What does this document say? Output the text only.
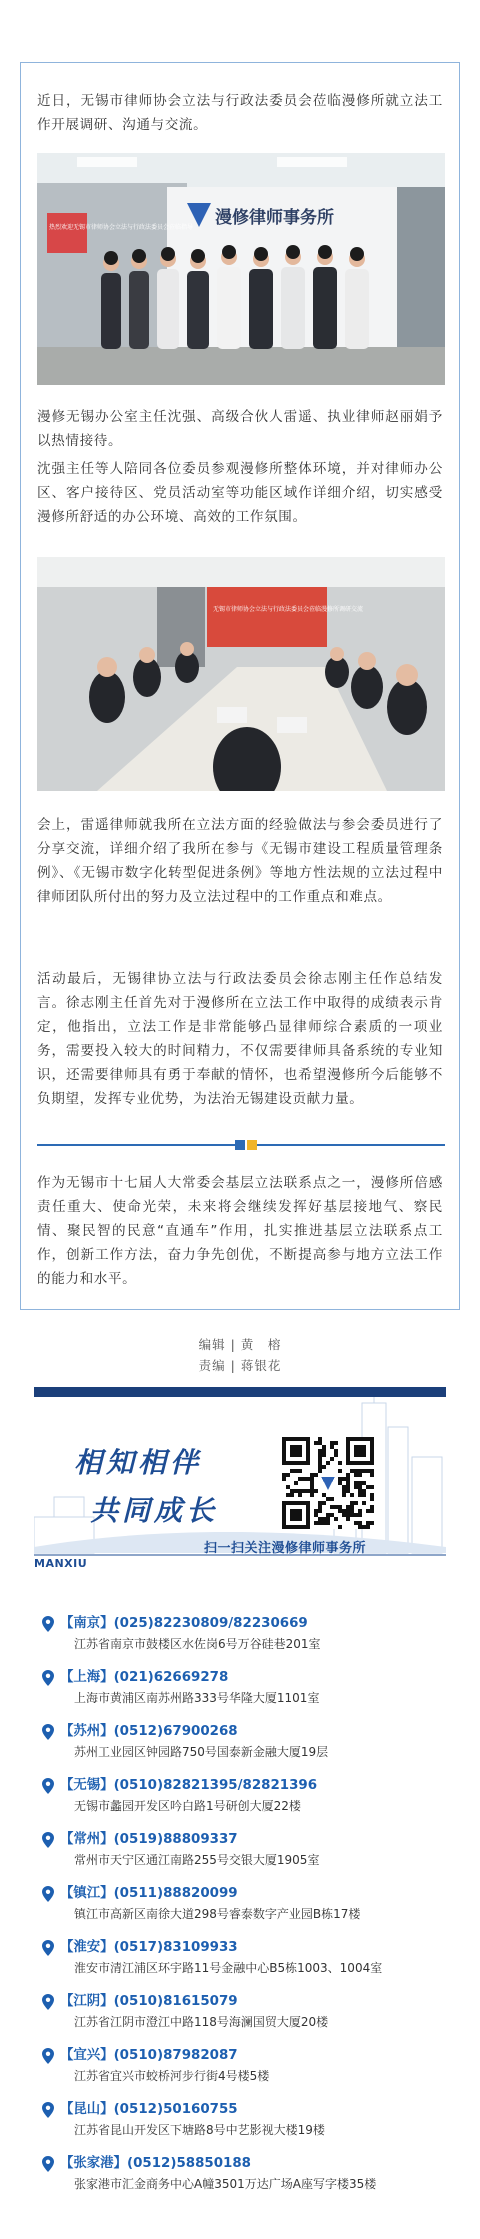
近日，无锡市律师协会立法与行政法委员会莅临漫修所就立法工作开展调研、沟通与交流。

热烈欢迎无锡市律师协会立法与行政法委员会莅临指导 漫修律师事务所

漫修无锡办公室主任沈强、高级合伙人雷遥、执业律师赵丽娟予以热情接待。

沈强主任等人陪同各位委员参观漫修所整体环境，并对律师办公区、客户接待区、党员活动室等功能区域作详细介绍，切实感受漫修所舒适的办公环境、高效的工作氛围。

无锡市律师协会立法与行政法委员会莅临漫修所调研交流

会上，雷遥律师就我所在立法方面的经验做法与参会委员进行了分享交流，详细介绍了我所在参与《无锡市建设工程质量管理条例》、《无锡市数字化转型促进条例》等地方性法规的立法过程中律师团队所付出的努力及立法过程中的工作重点和难点。

活动最后，无锡律协立法与行政法委员会徐志刚主任作总结发言。徐志刚主任首先对于漫修所在立法工作中取得的成绩表示肯定，他指出，立法工作是非常能够凸显律师综合素质的一项业务，需要投入较大的时间精力，不仅需要律师具备系统的专业知识，还需要律师具有勇于奉献的情怀，也希望漫修所今后能够不负期望，发挥专业优势，为法治无锡建设贡献力量。

作为无锡市十七届人大常委会基层立法联系点之一，漫修所倍感责任重大、使命光荣，未来将会继续发挥好基层接地气、察民情、聚民智的民意“直通车”作用，扎实推进基层立法联系点工作，创新工作方法，奋力争先创优，不断提高参与地方立法工作的能力和水平。

编辑 | 黄　榕
责编 | 蒋银花
相知相伴
共同成长
扫一扫关注漫修律师事务所
MANXIU
【南京】(025)82230809/82230669
江苏省南京市鼓楼区水佐岗6号万谷硅巷201室
【上海】(021)62669278
上海市黄浦区南苏州路333号华隆大厦1101室
【苏州】(0512)67900268
苏州工业园区钟园路750号国泰新金融大厦19层
【无锡】(0510)82821395/82821396
无锡市蠡园开发区吟白路1号研创大厦22楼
【常州】(0519)88809337
常州市天宁区通江南路255号交银大厦1905室
【镇江】(0511)88820099
镇江市高新区南徐大道298号睿泰数字产业园B栋17楼
【淮安】(0517)83109933
淮安市清江浦区环宇路11号金融中心B5栋1003、1004室
【江阴】(0510)81615079
江苏省江阴市澄江中路118号海澜国贸大厦20楼
【宜兴】(0510)87982087
江苏省宜兴市蛟桥河步行街4号楼5楼
【昆山】(0512)50160755
江苏省昆山开发区下塘路8号中艺影视大楼19楼
【张家港】(0512)58850188
张家港市汇金商务中心A幢3501万达广场A座写字楼35楼
